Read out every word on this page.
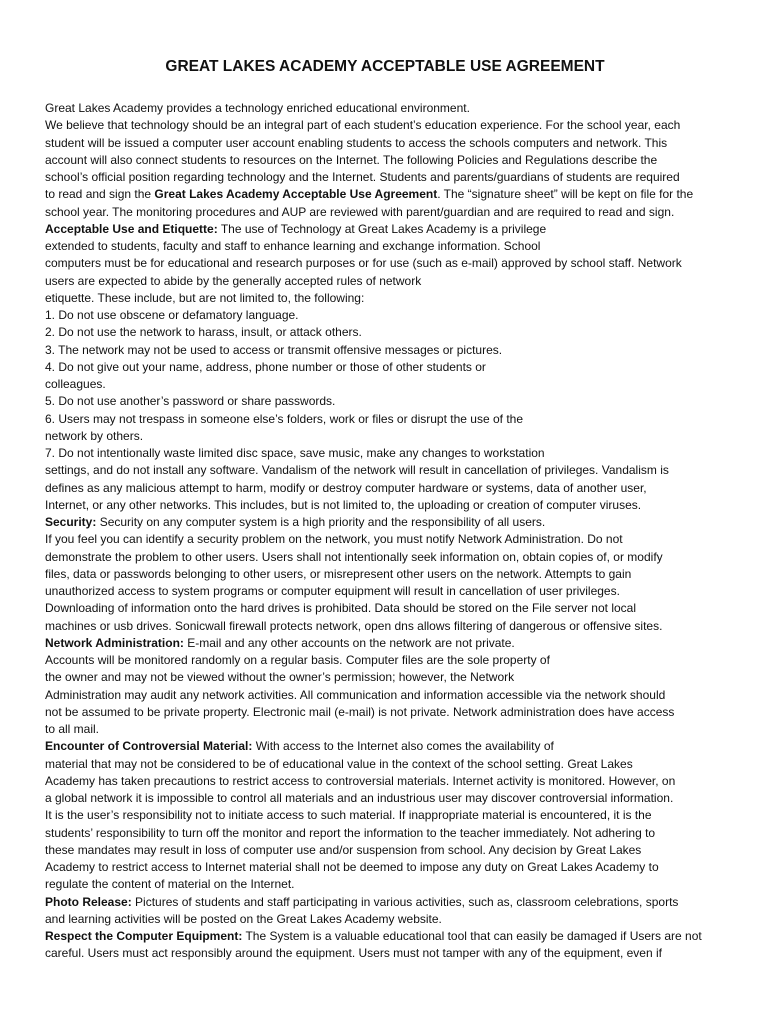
GREAT LAKES ACADEMY ACCEPTABLE USE AGREEMENT
Great Lakes Academy provides a technology enriched educational environment.
We believe that technology should be an integral part of each student’s education experience. For the school year, each
student will be issued a computer user account enabling students to access the schools computers and network. This
account will also connect students to resources on the Internet. The following Policies and Regulations describe the
school’s official position regarding technology and the Internet. Students and parents/guardians of students are required
to read and sign the Great Lakes Academy Acceptable Use Agreement. The “signature sheet” will be kept on file for the
school year. The monitoring procedures and AUP are reviewed with parent/guardian and are required to read and sign.
Acceptable Use and Etiquette: The use of Technology at Great Lakes Academy is a privilege
extended to students, faculty and staff to enhance learning and exchange information. School
computers must be for educational and research purposes or for use (such as e-mail) approved by school staff. Network
users are expected to abide by the generally accepted rules of network
etiquette. These include, but are not limited to, the following:
1. Do not use obscene or defamatory language.
2. Do not use the network to harass, insult, or attack others.
3. The network may not be used to access or transmit offensive messages or pictures.
4. Do not give out your name, address, phone number or those of other students or
colleagues.
5. Do not use another’s password or share passwords.
6. Users may not trespass in someone else’s folders, work or files or disrupt the use of the
network by others.
7. Do not intentionally waste limited disc space, save music, make any changes to workstation
settings, and do not install any software. Vandalism of the network will result in cancellation of privileges. Vandalism is
defines as any malicious attempt to harm, modify or destroy computer hardware or systems, data of another user,
Internet, or any other networks. This includes, but is not limited to, the uploading or creation of computer viruses.
Security: Security on any computer system is a high priority and the responsibility of all users.
If you feel you can identify a security problem on the network, you must notify Network Administration. Do not
demonstrate the problem to other users. Users shall not intentionally seek information on, obtain copies of, or modify
files, data or passwords belonging to other users, or misrepresent other users on the network. Attempts to gain
unauthorized access to system programs or computer equipment will result in cancellation of user privileges.
Downloading of information onto the hard drives is prohibited. Data should be stored on the File server not local
machines or usb drives. Sonicwall firewall protects network, open dns allows filtering of dangerous or offensive sites.
Network Administration: E-mail and any other accounts on the network are not private.
Accounts will be monitored randomly on a regular basis. Computer files are the sole property of
the owner and may not be viewed without the owner’s permission; however, the Network
Administration may audit any network activities. All communication and information accessible via the network should
not be assumed to be private property. Electronic mail (e-mail) is not private. Network administration does have access
to all mail.
Encounter of Controversial Material: With access to the Internet also comes the availability of
material that may not be considered to be of educational value in the context of the school setting. Great Lakes
Academy has taken precautions to restrict access to controversial materials. Internet activity is monitored. However, on
a global network it is impossible to control all materials and an industrious user may discover controversial information.
It is the user’s responsibility not to initiate access to such material. If inappropriate material is encountered, it is the
students’ responsibility to turn off the monitor and report the information to the teacher immediately. Not adhering to
these mandates may result in loss of computer use and/or suspension from school. Any decision by Great Lakes
Academy to restrict access to Internet material shall not be deemed to impose any duty on Great Lakes Academy to
regulate the content of material on the Internet.
Photo Release: Pictures of students and staff participating in various activities, such as, classroom celebrations, sports
and learning activities will be posted on the Great Lakes Academy website.
Respect the Computer Equipment: The System is a valuable educational tool that can easily be damaged if Users are not
careful. Users must act responsibly around the equipment. Users must not tamper with any of the equipment, even if
